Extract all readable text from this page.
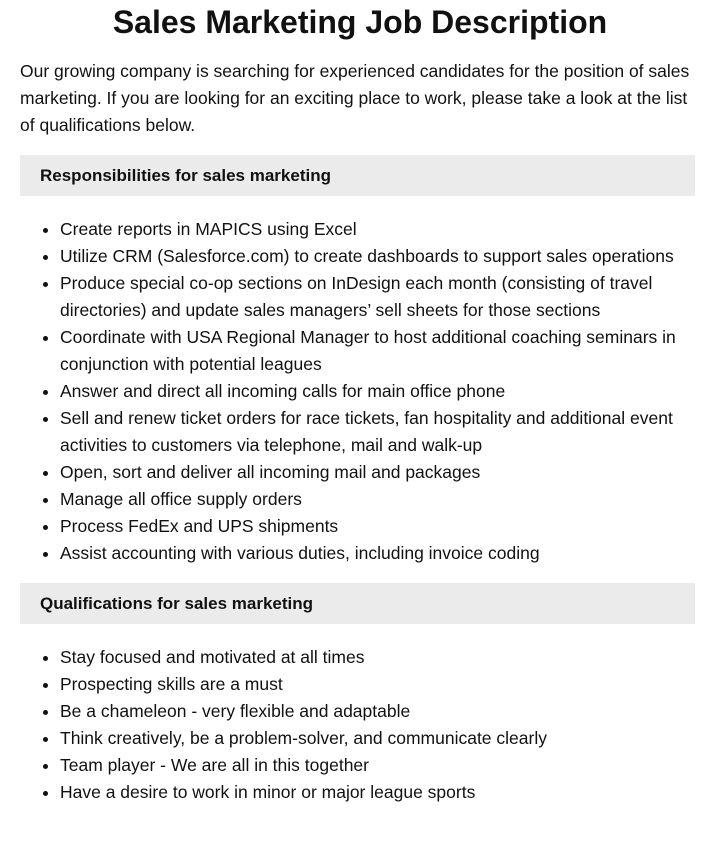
Sales Marketing Job Description

Our growing company is searching for experienced candidates for the position of sales marketing. If you are looking for an exciting place to work, please take a look at the list of qualifications below.

Responsibilities for sales marketing
• Create reports in MAPICS using Excel
• Utilize CRM (Salesforce.com) to create dashboards to support sales operations
• Produce special co-op sections on InDesign each month (consisting of travel directories) and update sales managers’ sell sheets for those sections
• Coordinate with USA Regional Manager to host additional coaching seminars in conjunction with potential leagues
• Answer and direct all incoming calls for main office phone
• Sell and renew ticket orders for race tickets, fan hospitality and additional event activities to customers via telephone, mail and walk-up
• Open, sort and deliver all incoming mail and packages
• Manage all office supply orders
• Process FedEx and UPS shipments
• Assist accounting with various duties, including invoice coding
Qualifications for sales marketing
• Stay focused and motivated at all times
• Prospecting skills are a must
• Be a chameleon - very flexible and adaptable
• Think creatively, be a problem-solver, and communicate clearly
• Team player - We are all in this together
• Have a desire to work in minor or major league sports
